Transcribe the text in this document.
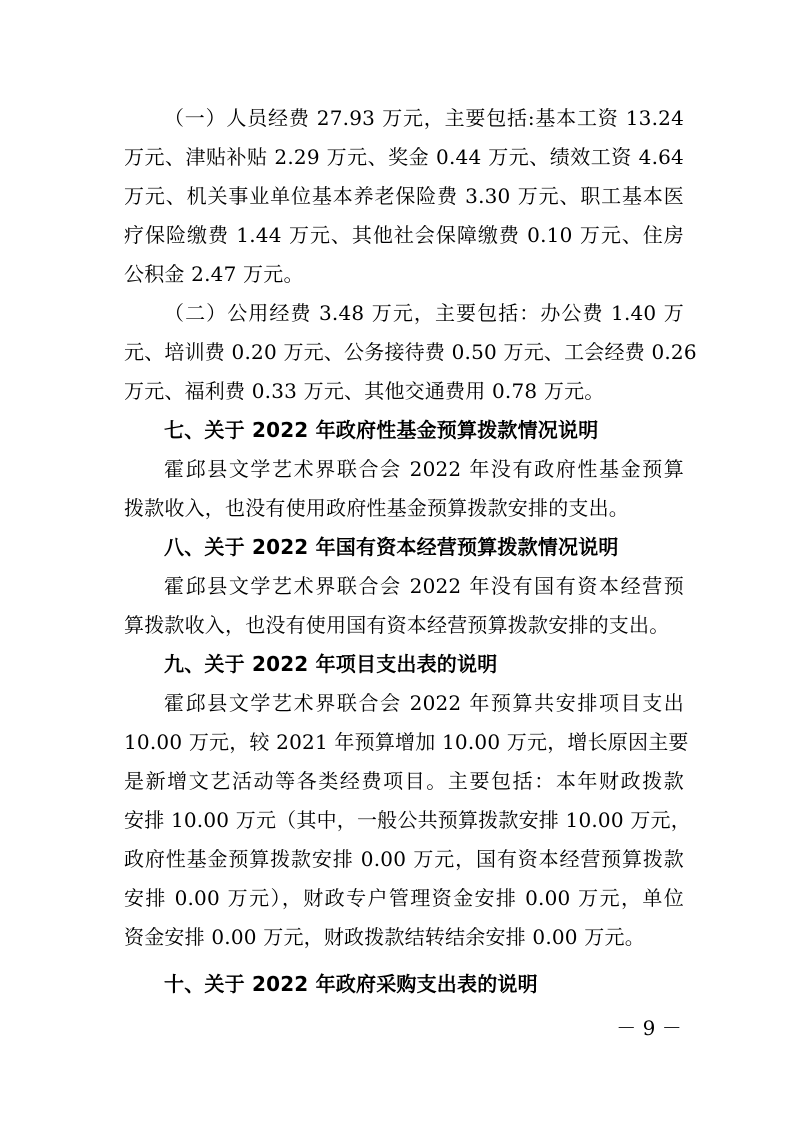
（一）人员经费 27.93 万元，主要包括:基本工资 13.24
万元、津贴补贴 2.29 万元、奖金 0.44 万元、绩效工资 4.64
万元、机关事业单位基本养老保险费 3.30 万元、职工基本医
疗保险缴费 1.44 万元、其他社会保障缴费 0.10 万元、住房
公积金 2.47 万元。
（二）公用经费 3.48 万元，主要包括：办公费 1.40 万
元、培训费 0.20 万元、公务接待费 0.50 万元、工会经费 0.26
万元、福利费 0.33 万元、其他交通费用 0.78 万元。
七、关于 2022 年政府性基金预算拨款情况说明
霍邱县文学艺术界联合会 2022 年没有政府性基金预算
拨款收入，也没有使用政府性基金预算拨款安排的支出。
八、关于 2022 年国有资本经营预算拨款情况说明
霍邱县文学艺术界联合会 2022 年没有国有资本经营预
算拨款收入，也没有使用国有资本经营预算拨款安排的支出。
九、关于 2022 年项目支出表的说明
霍邱县文学艺术界联合会 2022 年预算共安排项目支出
10.00 万元，较 2021 年预算增加 10.00 万元，增长原因主要
是新增文艺活动等各类经费项目。主要包括：本年财政拨款
安排 10.00 万元（其中，一般公共预算拨款安排 10.00 万元，
政府性基金预算拨款安排 0.00 万元，国有资本经营预算拨款
安排 0.00 万元），财政专户管理资金安排 0.00 万元，单位
资金安排 0.00 万元，财政拨款结转结余安排 0.00 万元。
十、关于 2022 年政府采购支出表的说明
－ 9 －
